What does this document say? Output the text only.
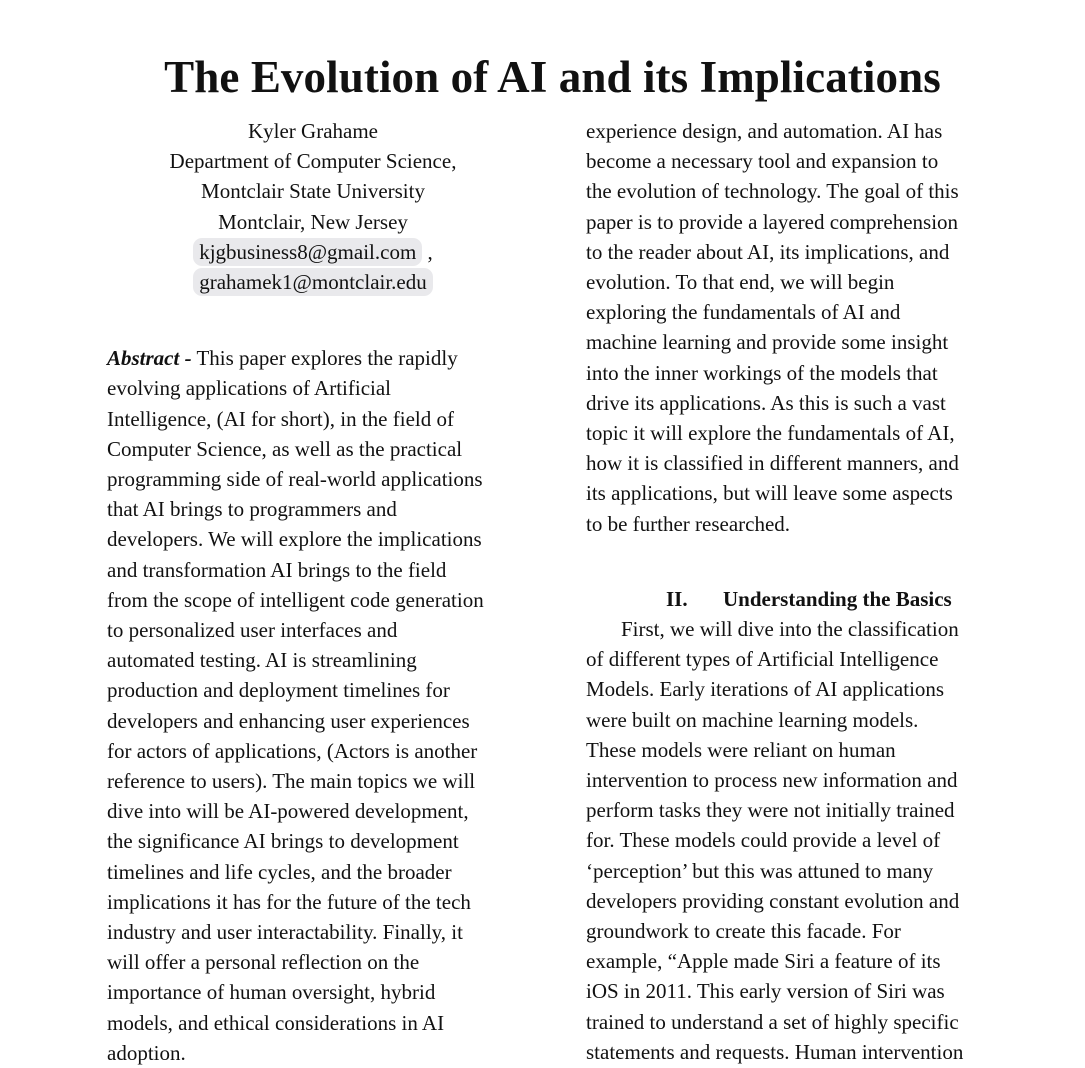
The Evolution of AI and its Implications
Kyler Grahame
Department of Computer Science,
Montclair State University
Montclair, New Jersey
kjgbusiness8@gmail.com ,
grahamek1@montclair.edu
Abstract - This paper explores the rapidly
evolving applications of Artificial
Intelligence, (AI for short), in the field of
Computer Science, as well as the practical
programming side of real-world applications
that AI brings to programmers and
developers. We will explore the implications
and transformation AI brings to the field
from the scope of intelligent code generation
to personalized user interfaces and
automated testing. AI is streamlining
production and deployment timelines for
developers and enhancing user experiences
for actors of applications, (Actors is another
reference to users). The main topics we will
dive into will be AI-powered development,
the significance AI brings to development
timelines and life cycles, and the broader
implications it has for the future of the tech
industry and user interactability. Finally, it
will offer a personal reflection on the
importance of human oversight, hybrid
models, and ethical considerations in AI
adoption.
experience design, and automation. AI has
become a necessary tool and expansion to
the evolution of technology. The goal of this
paper is to provide a layered comprehension
to the reader about AI, its implications, and
evolution. To that end, we will begin
exploring the fundamentals of AI and
machine learning and provide some insight
into the inner workings of the models that
drive its applications. As this is such a vast
topic it will explore the fundamentals of AI,
how it is classified in different manners, and
its applications, but will leave some aspects
to be further researched.
II. Understanding the Basics
First, we will dive into the classification
of different types of Artificial Intelligence
Models. Early iterations of AI applications
were built on machine learning models.
These models were reliant on human
intervention to process new information and
perform tasks they were not initially trained
for. These models could provide a level of
‘perception’ but this was attuned to many
developers providing constant evolution and
groundwork to create this facade. For
example, “Apple made Siri a feature of its
iOS in 2011. This early version of Siri was
trained to understand a set of highly specific
statements and requests. Human intervention
